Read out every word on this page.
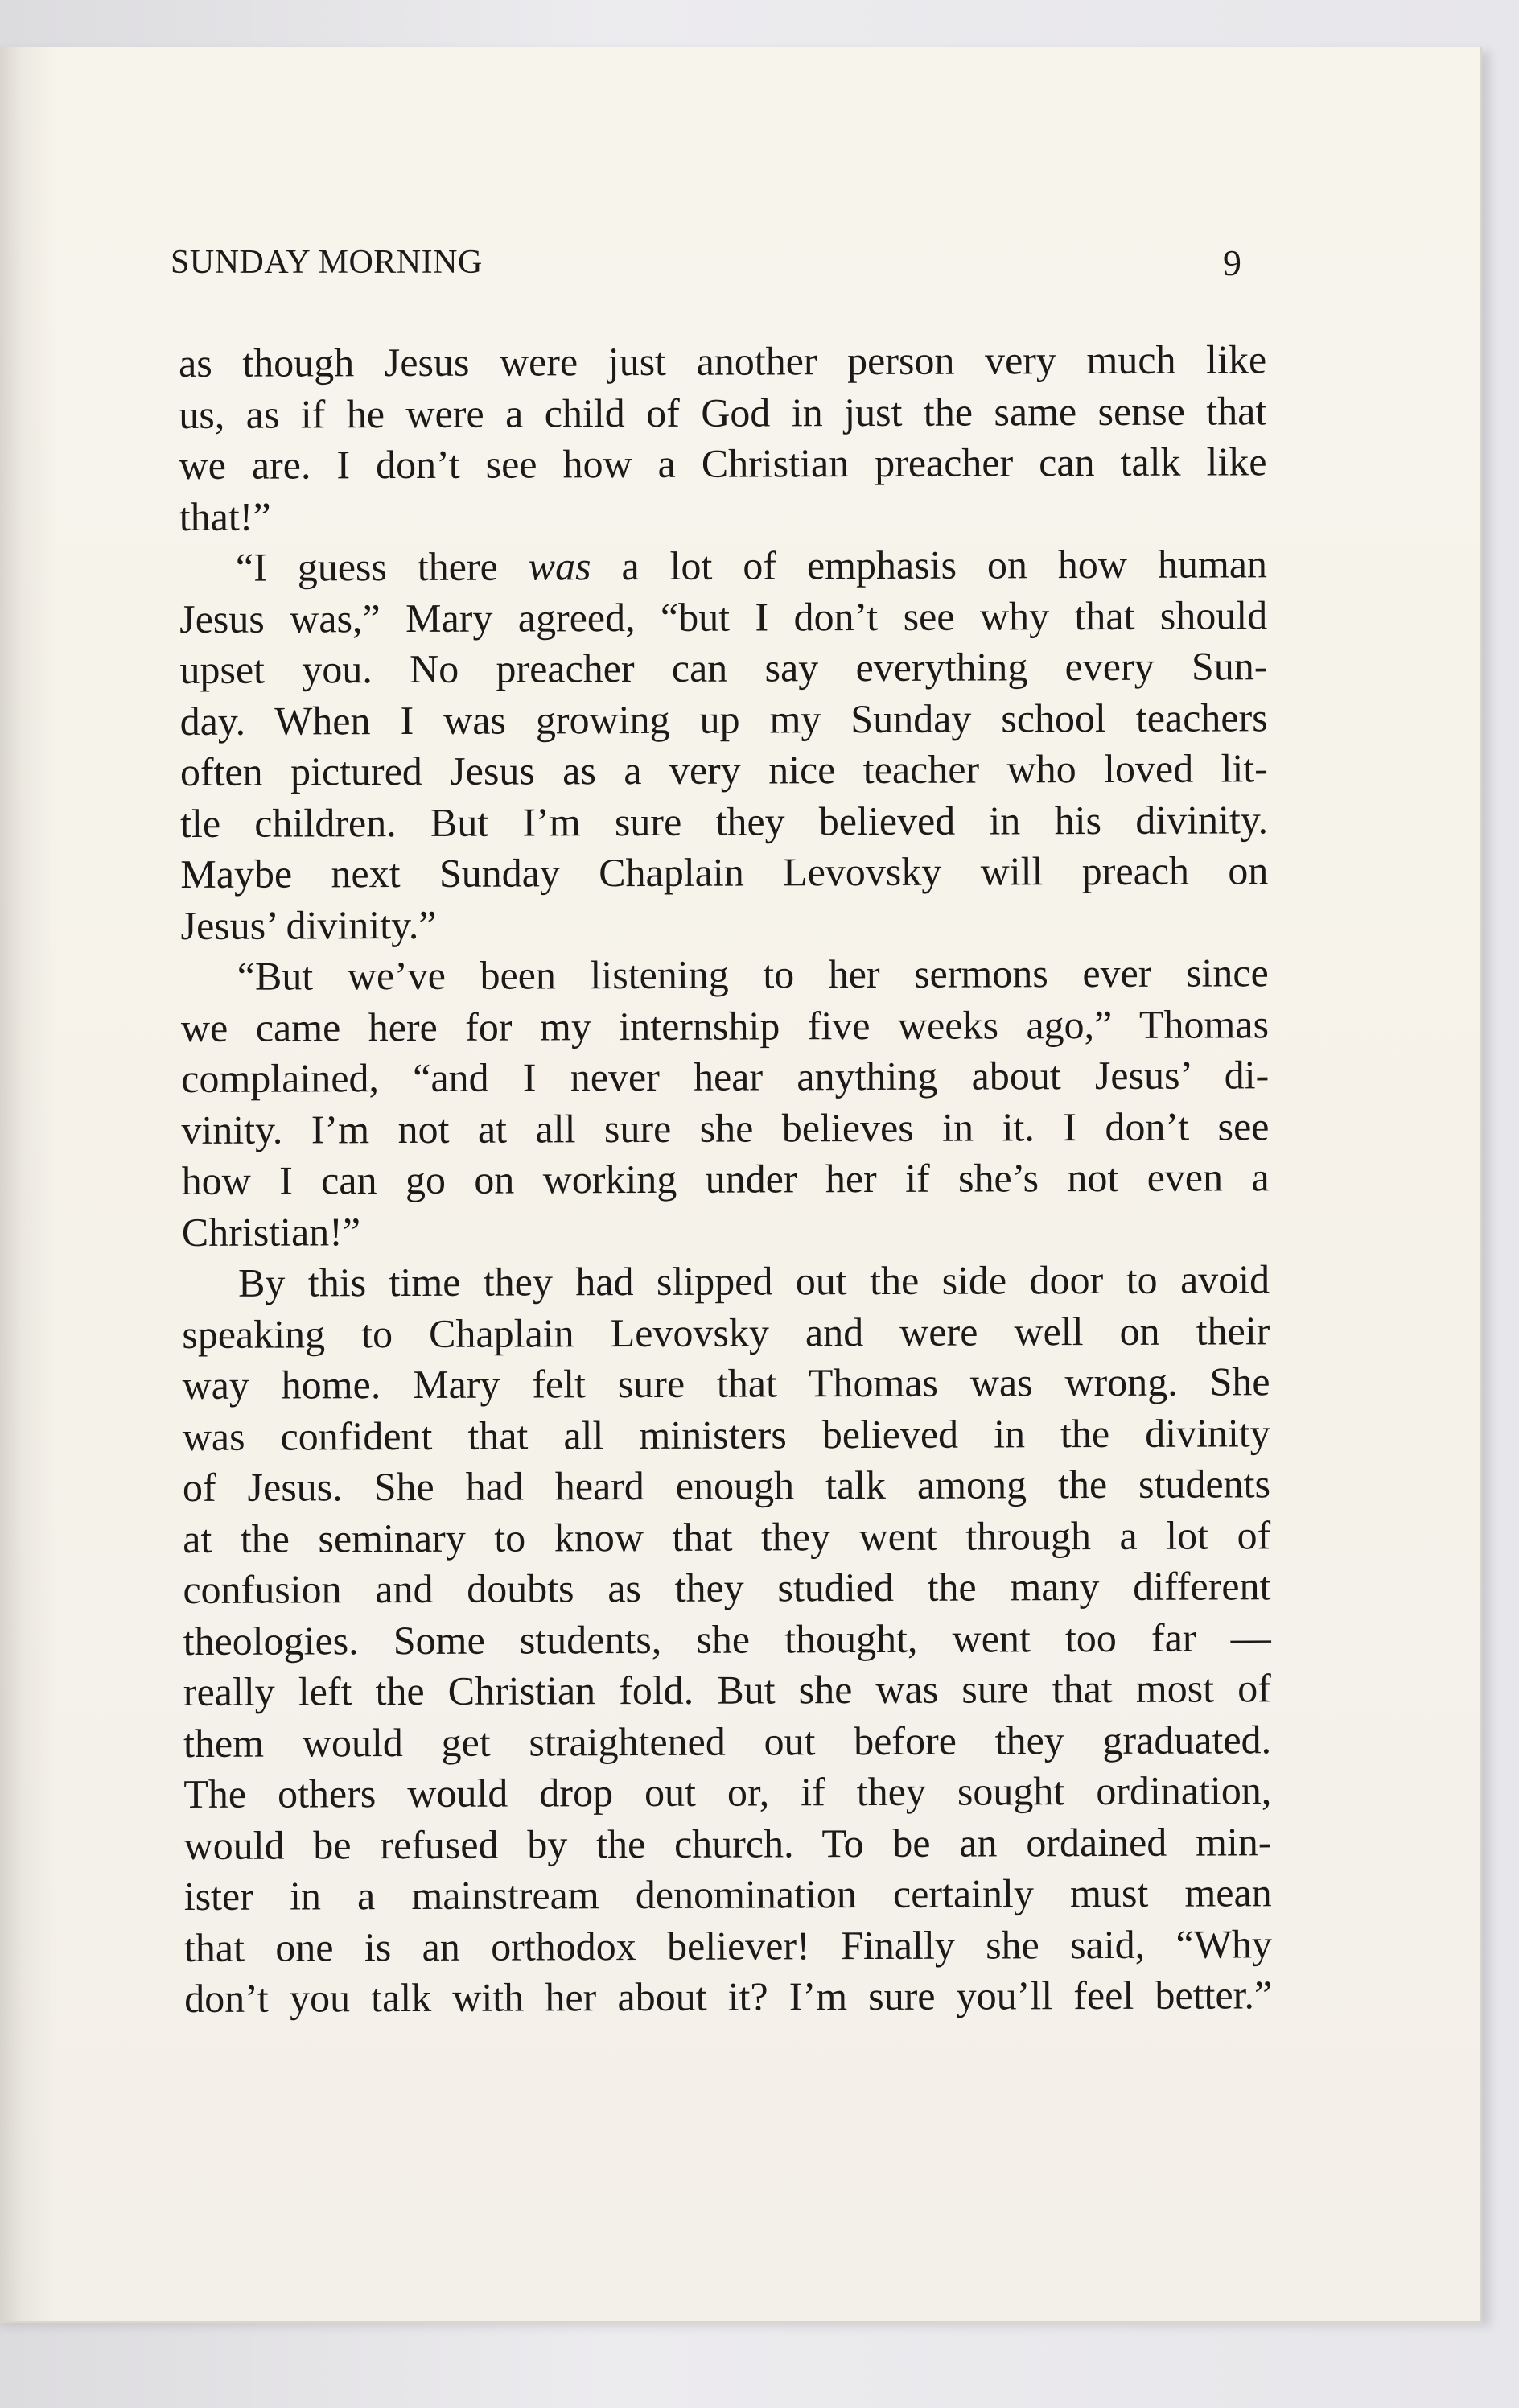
SUNDAY MORNING	9
as though Jesus were just another person very much like
us, as if he were a child of God in just the same sense that
we are. I don’t see how a Christian preacher can talk like
that!”
“I guess there was a lot of emphasis on how human
Jesus was,” Mary agreed, “but I don’t see why that should
upset you. No preacher can say everything every Sun-
day. When I was growing up my Sunday school teachers
often pictured Jesus as a very nice teacher who loved lit-
tle children. But I’m sure they believed in his divinity.
Maybe next Sunday Chaplain Levovsky will preach on
Jesus’ divinity.”
“But we’ve been listening to her sermons ever since
we came here for my internship five weeks ago,” Thomas
complained, “and I never hear anything about Jesus’ di-
vinity. I’m not at all sure she believes in it. I don’t see
how I can go on working under her if she’s not even a
Christian!”
By this time they had slipped out the side door to avoid
speaking to Chaplain Levovsky and were well on their
way home. Mary felt sure that Thomas was wrong. She
was confident that all ministers believed in the divinity
of Jesus. She had heard enough talk among the students
at the seminary to know that they went through a lot of
confusion and doubts as they studied the many different
theologies. Some students, she thought, went too far —
really left the Christian fold. But she was sure that most of
them would get straightened out before they graduated.
The others would drop out or, if they sought ordination,
would be refused by the church. To be an ordained min-
ister in a mainstream denomination certainly must mean
that one is an orthodox believer! Finally she said, “Why
don’t you talk with her about it? I’m sure you’ll feel better.”
